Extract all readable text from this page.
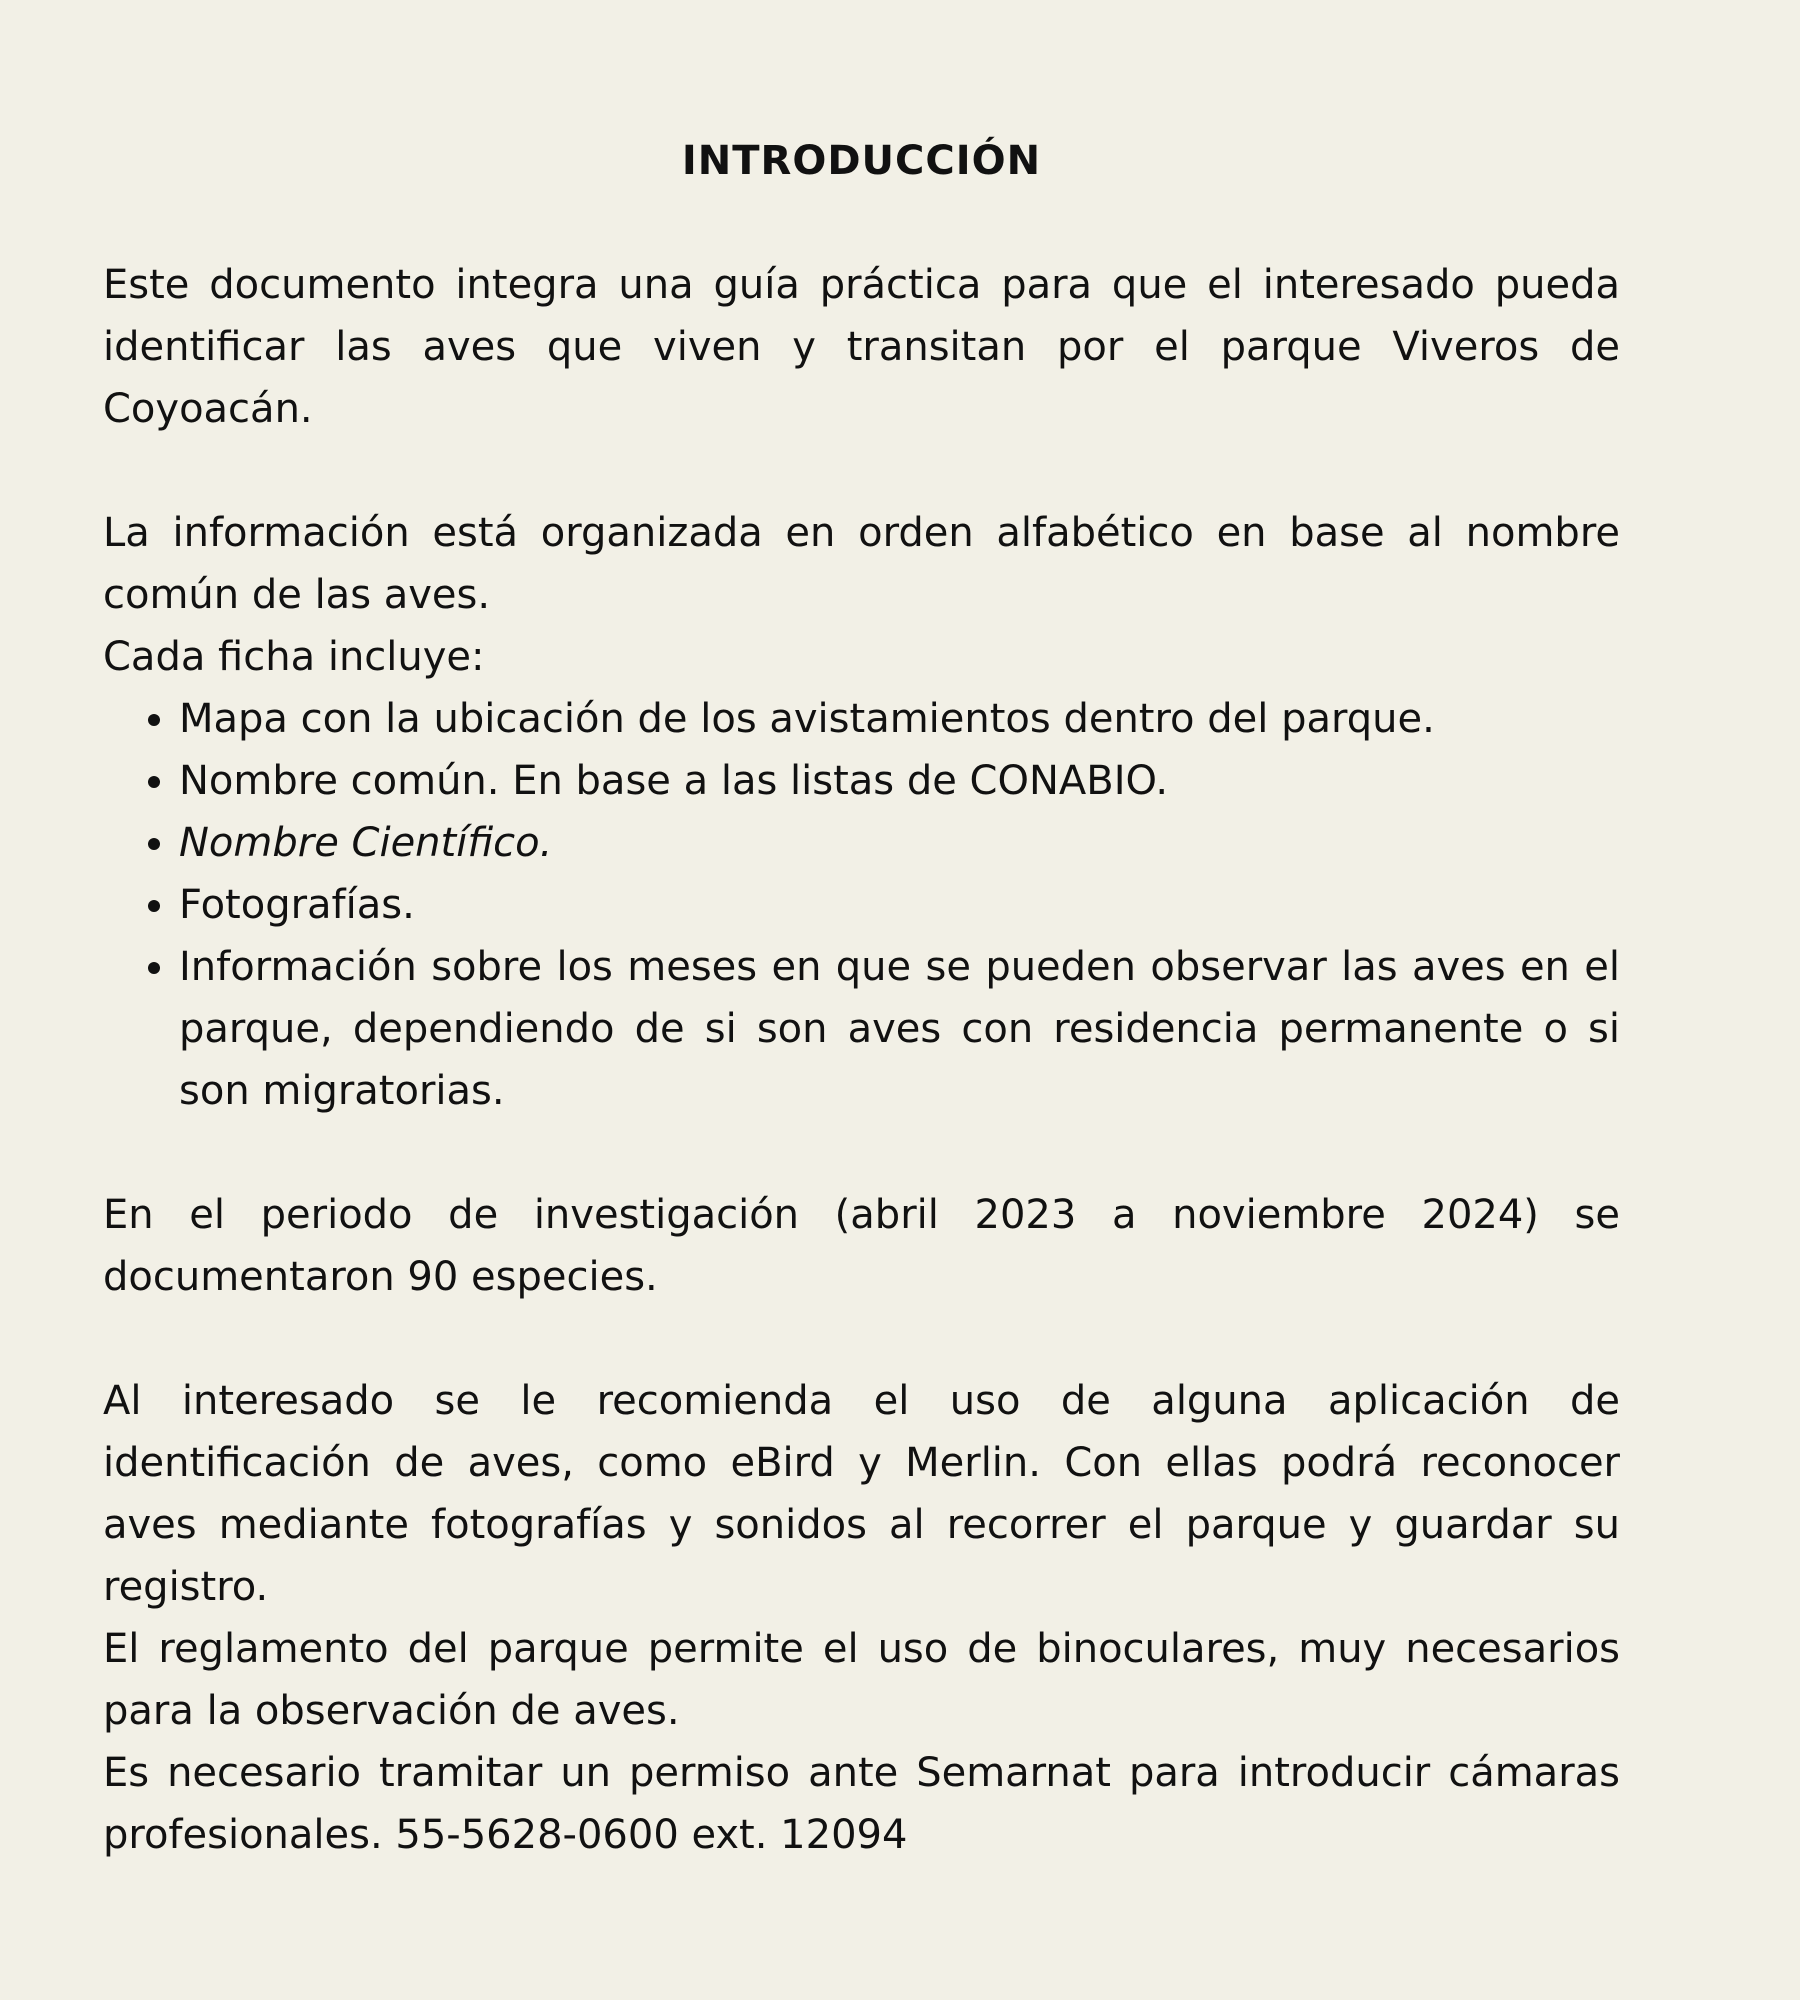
INTRODUCCIÓN

Este documento integra una guía práctica para que el interesado pueda identificar las aves que viven y transitan por el parque Viveros de Coyoacán.

La información está organizada en orden alfabético en base al nombre común de las aves.

Cada ficha incluye:

• Mapa con la ubicación de los avistamientos dentro del parque.
• Nombre común. En base a las listas de CONABIO.
• Nombre Científico.
• Fotografías.
• Información sobre los meses en que se pueden observar las aves en el parque, dependiendo de si son aves con residencia permanente o si son migratorias.

En el periodo de investigación (abril 2023 a noviembre 2024) se documentaron 90 especies.

Al interesado se le recomienda el uso de alguna aplicación de identificación de aves, como eBird y Merlin. Con ellas podrá reconocer aves mediante fotografías y sonidos al recorrer el parque y guardar su registro.

El reglamento del parque permite el uso de binoculares, muy necesarios para la observación de aves.

Es necesario tramitar un permiso ante Semarnat para introducir cámaras profesionales. 55-5628-0600 ext. 12094
